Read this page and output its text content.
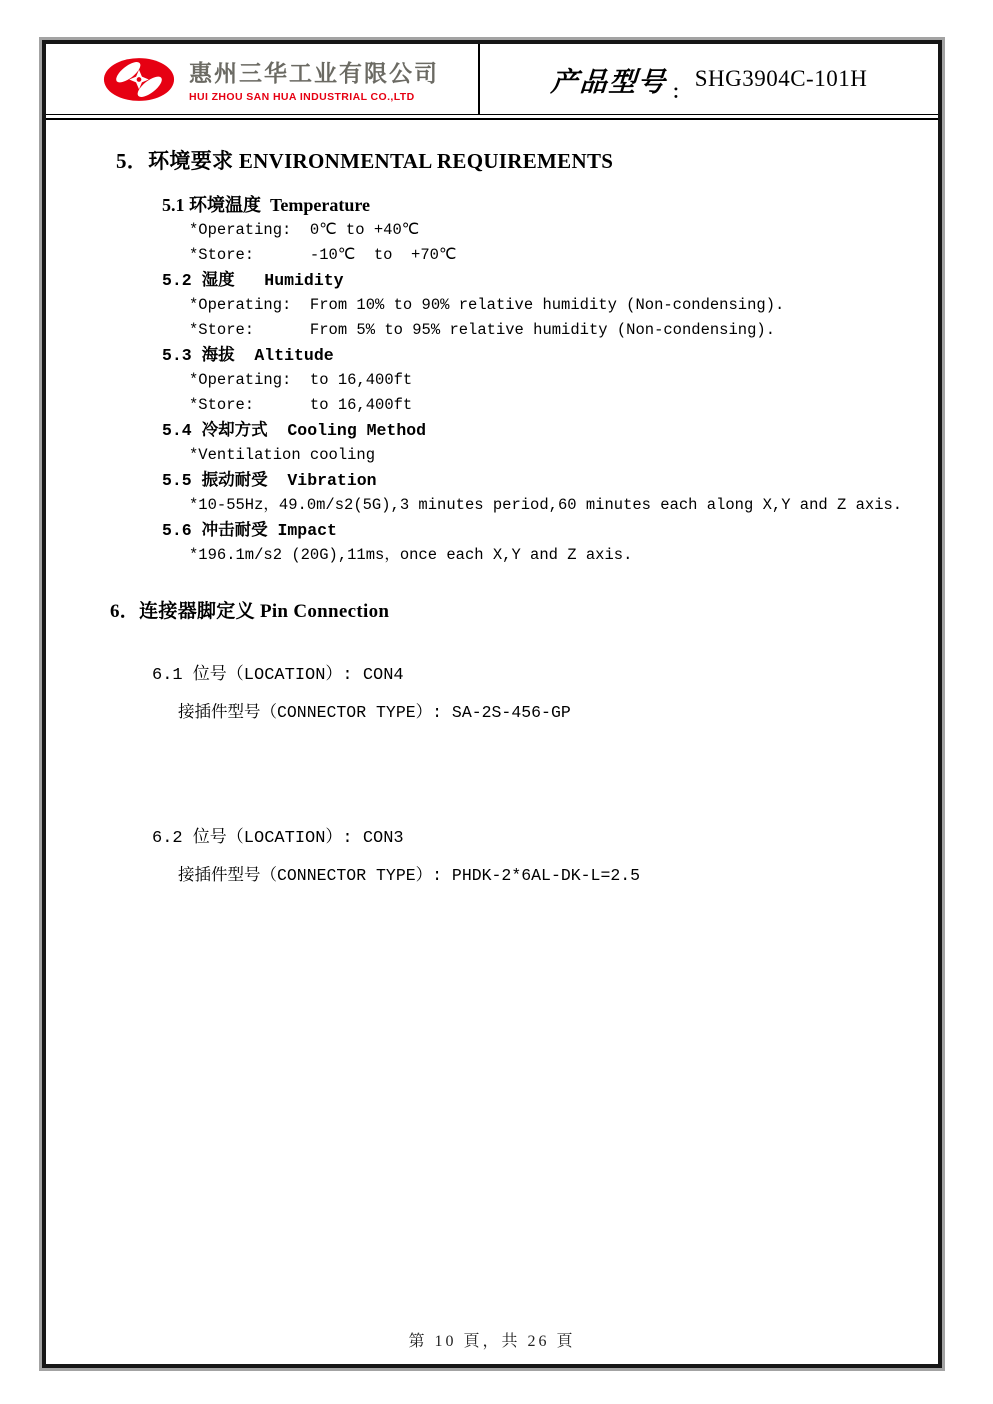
惠州三华工业有限公司
HUI ZHOU SAN HUA INDUSTRIAL CO.,LTD
产品型号 ：
SHG3904C-101H
5．环境要求 ENVIRONMENTAL REQUIREMENTS
5.1 环境温度  Temperature
*Operating:  0℃ to +40℃
*Store:      -10℃  to  +70℃
5.2 湿度   Humidity
*Operating:  From 10% to 90% relative humidity (Non-condensing).
*Store:      From 5% to 95% relative humidity (Non-condensing).
5.3 海拔  Altitude
*Operating:  to 16,400ft
*Store:      to 16,400ft
5.4 冷却方式  Cooling Method
*Ventilation cooling
5.5 振动耐受  Vibration
*10-55Hz，49.0m/s2(5G),3 minutes period,60 minutes each along X,Y and Z axis.
5.6 冲击耐受 Impact
*196.1m/s2 (20G),11ms，once each X,Y and Z axis.
6．连接器脚定义 Pin Connection
6.1 位号（LOCATION）: CON4
接插件型号（CONNECTOR TYPE）: SA-2S-456-GP
6.2 位号（LOCATION）: CON3
接插件型号（CONNECTOR TYPE）: PHDK-2*6AL-DK-L=2.5
第 10 頁，共 26 頁
